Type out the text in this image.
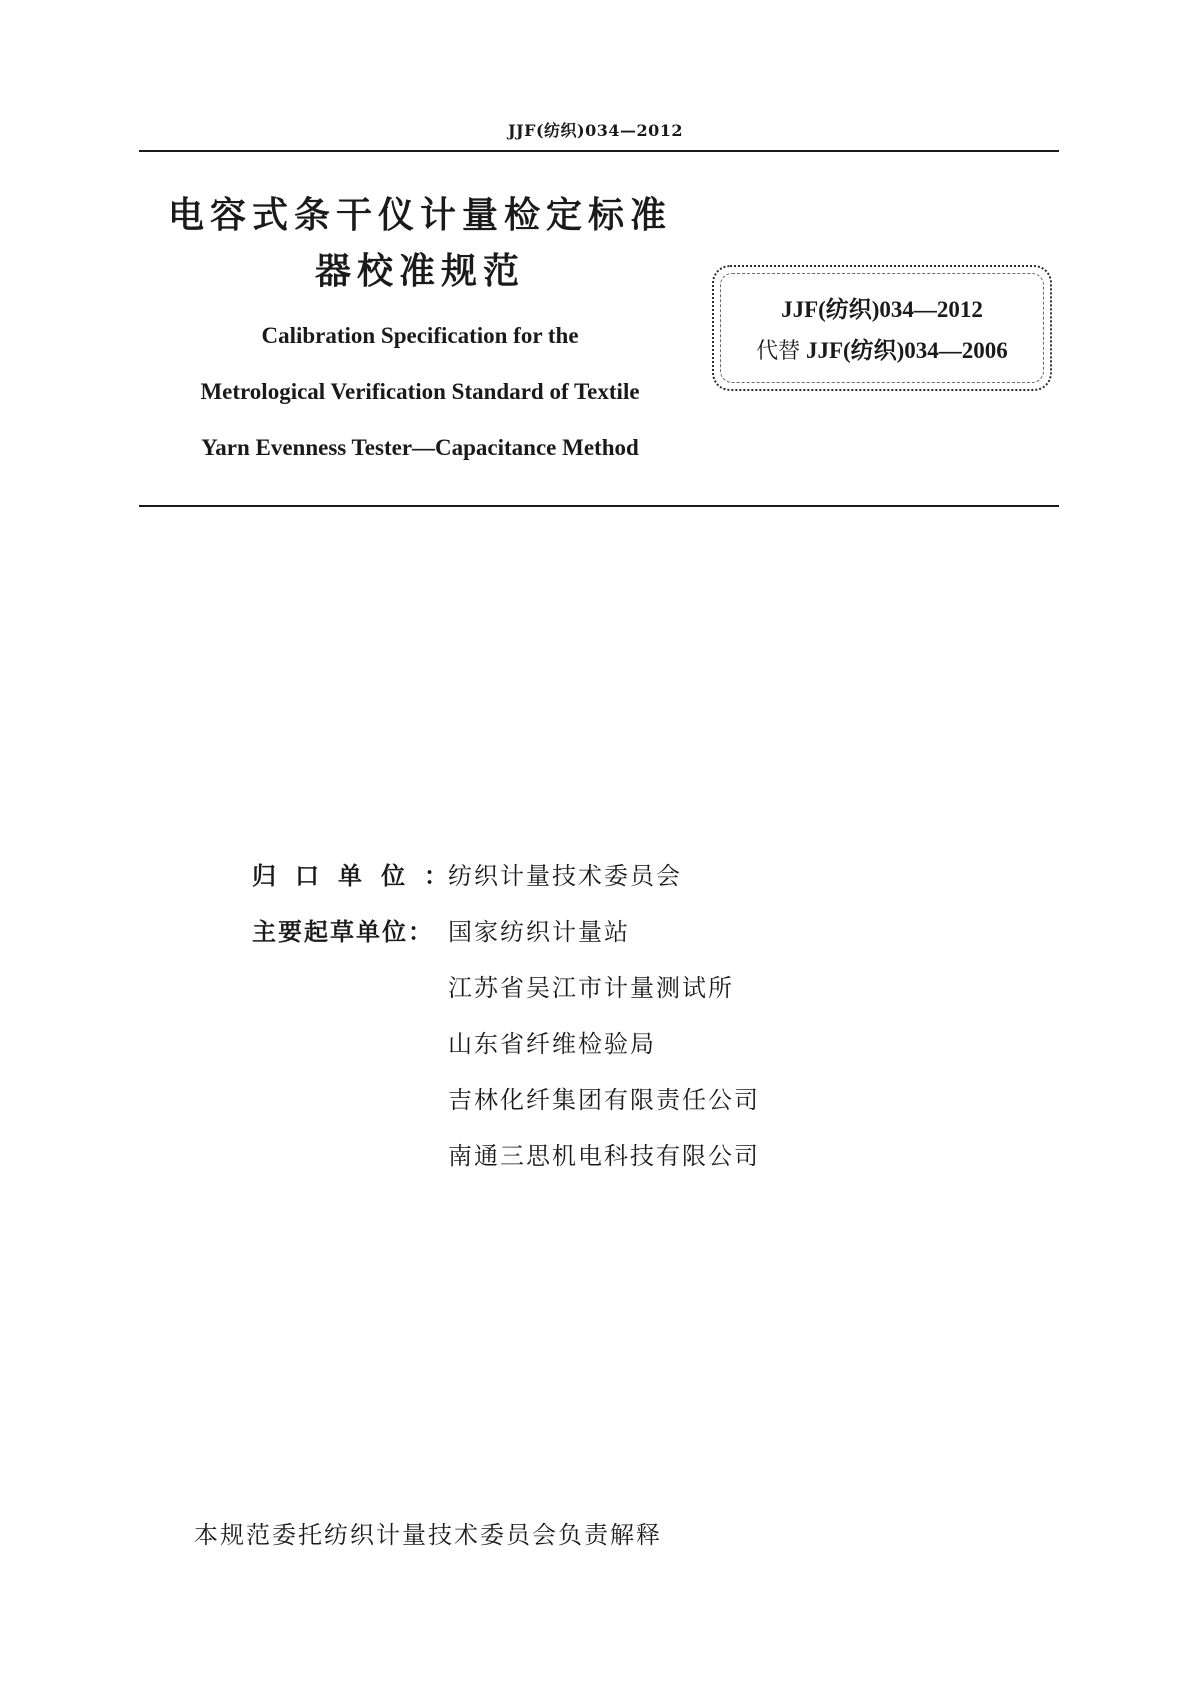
JJF(纺织)034—2012
电容式条干仪计量检定标准
器校准规范
Calibration Specification for the
Metrological Verification Standard of Textile
Yarn Evenness Tester—Capacitance Method
JJF(纺织)034—2012
代替 JJF(纺织)034—2006
归口单位：纺织计量技术委员会
主要起草单位： 国家纺织计量站
江苏省吴江市计量测试所
山东省纤维检验局
吉林化纤集团有限责任公司
南通三思机电科技有限公司
本规范委托纺织计量技术委员会负责解释
